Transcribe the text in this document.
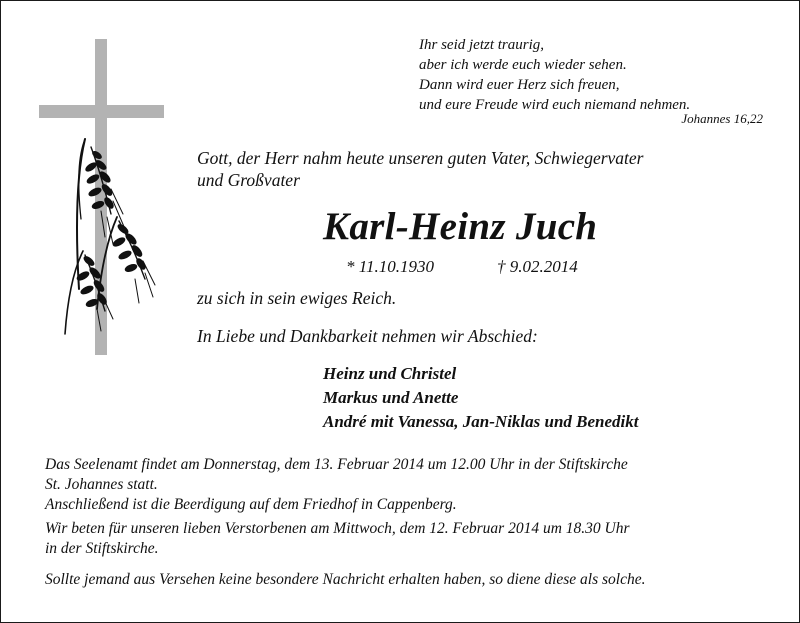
Ihr seid jetzt traurig,
aber ich werde euch wieder sehen.
Dann wird euer Herz sich freuen,
und eure Freude wird euch niemand nehmen.
Johannes 16,22
Gott, der Herr nahm heute unseren guten Vater, Schwiegervater
und Großvater
Karl-Heinz Juch
* 11.10.1930	† 9.02.2014
zu sich in sein ewiges Reich.
In Liebe und Dankbarkeit nehmen wir Abschied:
Heinz und Christel
Markus und Anette
André mit Vanessa, Jan-Niklas und Benedikt
Das Seelenamt findet am Donnerstag, dem 13. Februar 2014 um 12.00 Uhr in der Stiftskirche
St. Johannes statt.
Anschließend ist die Beerdigung auf dem Friedhof in Cappenberg.
Wir beten für unseren lieben Verstorbenen am Mittwoch, dem 12. Februar 2014 um 18.30 Uhr
in der Stiftskirche.
Sollte jemand aus Versehen keine besondere Nachricht erhalten haben, so diene diese als solche.
